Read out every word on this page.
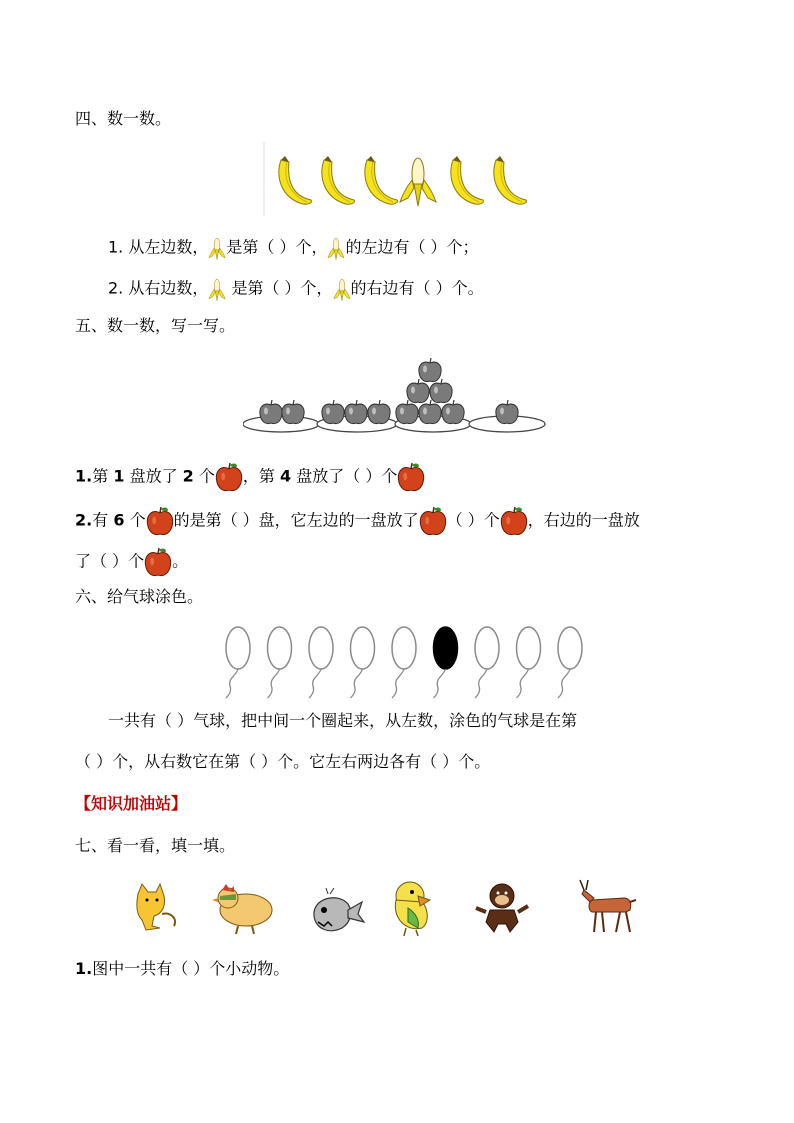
四、数一数。
1. 从左边数， 是第（ ）个， 的左边有（ ）个；
2. 从右边数，
是第（ ）个， 的右边有（ ）个。
五、数一数，写一写。
1.第 1 盘放了 2 个 ，第 4 盘放了（ ）个
2.有 6 个 的是第（ ）盘，它左边的一盘放了 （ ）个 ，右边的一盘放
了（ ）个 。
六、给气球涂色。
一共有（ ）气球，把中间一个圈起来，从左数，涂色的气球是在第
（ ）个，从右数它在第（ ）个。它左右两边各有（ ）个。
【知识加油站】
七、看一看，填一填。
1.图中一共有（ ）个小动物。
